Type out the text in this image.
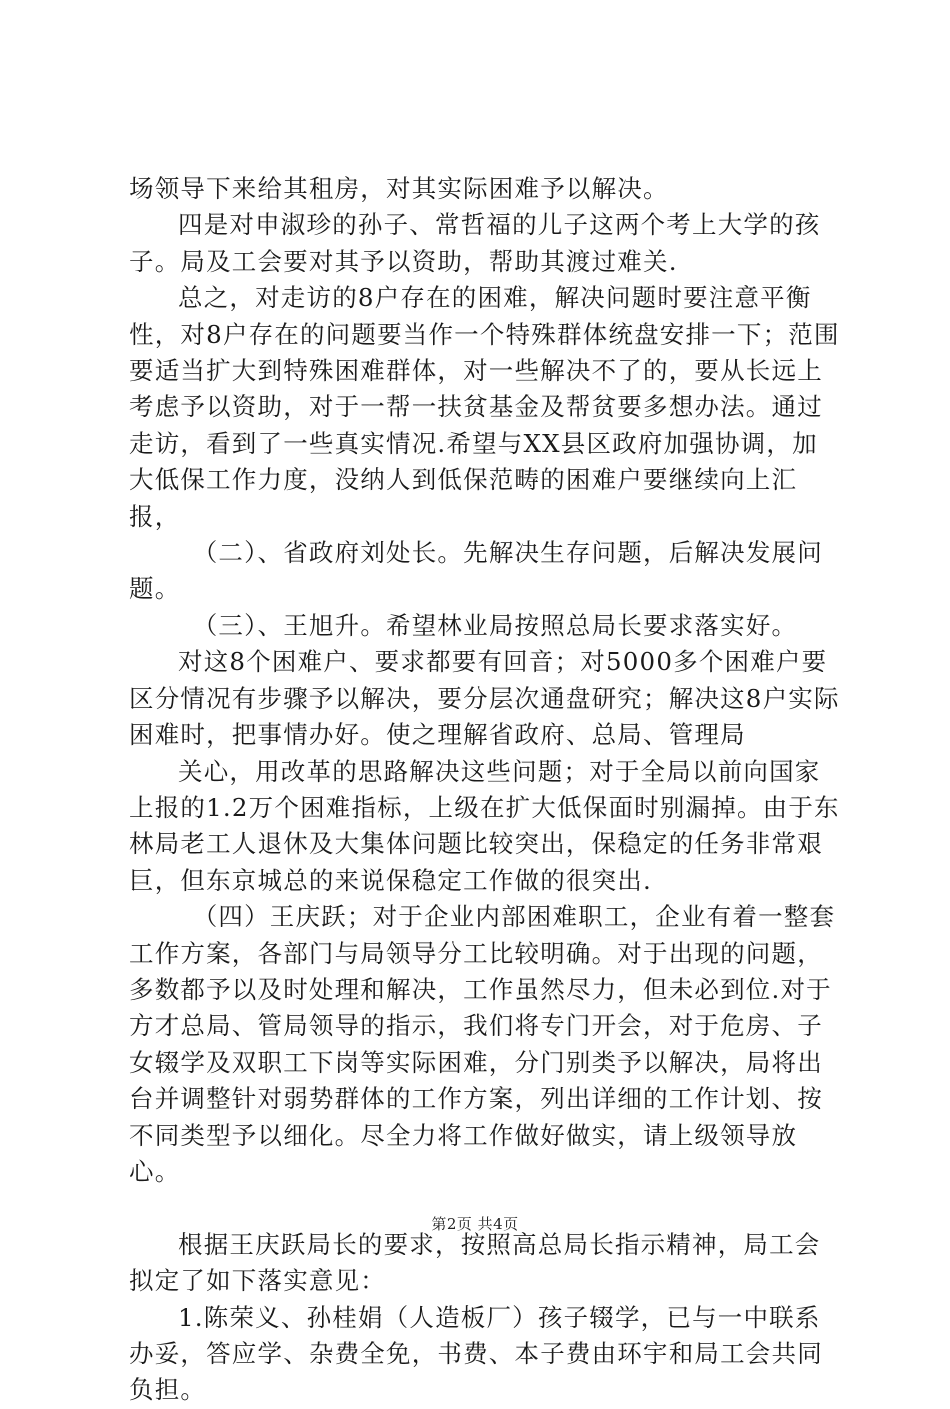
场领导下来给其租房，对其实际困难予以解决。

四是对申淑珍的孙子、常哲福的儿子这两个考上大学的孩子。局及工会要对其予以资助，帮助其渡过难关.

总之，对走访的8户存在的困难，解决问题时要注意平衡性，对8户存在的问题要当作一个特殊群体统盘安排一下；范围要适当扩大到特殊困难群体，对一些解决不了的，要从长远上考虑予以资助，对于一帮一扶贫基金及帮贫要多想办法。通过走访，看到了一些真实情况.希望与XX县区政府加强协调，加大低保工作力度，没纳人到低保范畴的困难户要继续向上汇报，

（二）、省政府刘处长。先解决生存问题，后解决发展问题。

（三）、王旭升。希望林业局按照总局长要求落实好。

对这8个困难户、要求都要有回音；对5000多个困难户要区分情况有步骤予以解决，要分层次通盘研究；解决这8户实际困难时，把事情办好。使之理解省政府、总局、管理局

关心，用改革的思路解决这些问题；对于全局以前向国家上报的1.2万个困难指标，上级在扩大低保面时别漏掉。由于东林局老工人退休及大集体问题比较突出，保稳定的任务非常艰巨，但东京城总的来说保稳定工作做的很突出.

（四）王庆跃；对于企业内部困难职工，企业有着一整套工作方案，各部门与局领导分工比较明确。对于出现的问题，多数都予以及时处理和解决，工作虽然尽力，但未必到位.对于方才总局、管局领导的指示，我们将专门开会，对于危房、子女辍学及双职工下岗等实际困难，分门别类予以解决，局将出台并调整针对弱势群体的工作方案，列出详细的工作计划、按不同类型予以细化。尽全力将工作做好做实，请上级领导放心。

根据王庆跃局长的要求，按照高总局长指示精神，局工会拟定了如下落实意见：

1.陈荣义、孙桂娟（人造板厂）孩子辍学，已与一中联系办妥，答应学、杂费全免，书费、本子费由环宇和局工会共同负担。

第2页 共4页
